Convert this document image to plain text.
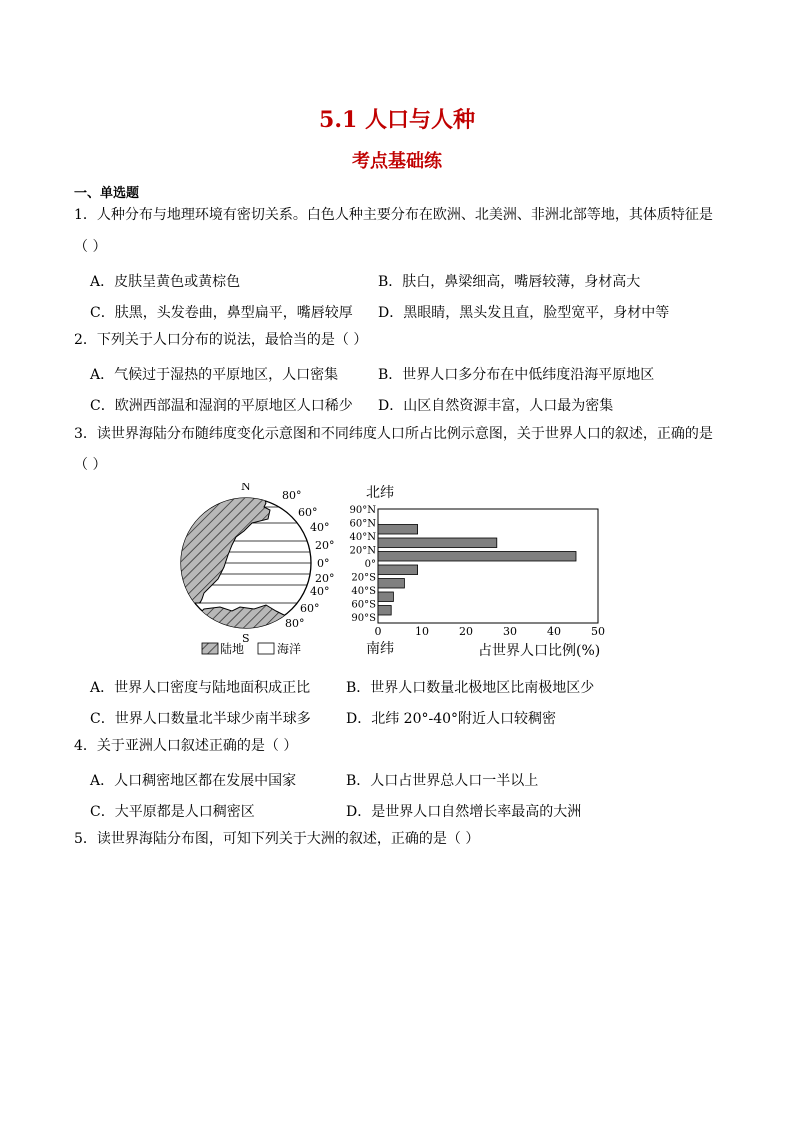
5.1 人口与人种
考点基础练
一、单选题
1．人种分布与地理环境有密切关系。白色人种主要分布在欧洲、北美洲、非洲北部等地，其体质特征是
（ ）
A．皮肤呈黄色或黄棕色	B．肤白，鼻梁细高，嘴唇较薄，身材高大
C．肤黑，头发卷曲，鼻型扁平，嘴唇较厚 D．黑眼睛，黑头发且直，脸型宽平，身材中等
2．下列关于人口分布的说法，最恰当的是（ ）
A．气候过于湿热的平原地区，人口密集	B．世界人口多分布在中低纬度沿海平原地区
C．欧洲西部温和湿润的平原地区人口稀少 D．山区自然资源丰富，人口最为密集
3．读世界海陆分布随纬度变化示意图和不同纬度人口所占比例示意图，关于世界人口的叙述，正确的是
（ ）
N
S
80°
60°
40°
20°
0°
20°
40°
60°
80°
陆地	海洋
北纬
南纬
90°N
60°N
40°N
20°N
0°
20°S
40°S
60°S
90°S
0	10	20	30	40	50
占世界人口比例(%)
A．世界人口密度与陆地面积成正比	B．世界人口数量北极地区比南极地区少
C．世界人口数量北半球少南半球多	D．北纬 20°-40°附近人口较稠密
4．关于亚洲人口叙述正确的是（ ）
A．人口稠密地区都在发展中国家	B．人口占世界总人口一半以上
C．大平原都是人口稠密区	D．是世界人口自然增长率最高的大洲
5．读世界海陆分布图，可知下列关于大洲的叙述，正确的是（ ）
